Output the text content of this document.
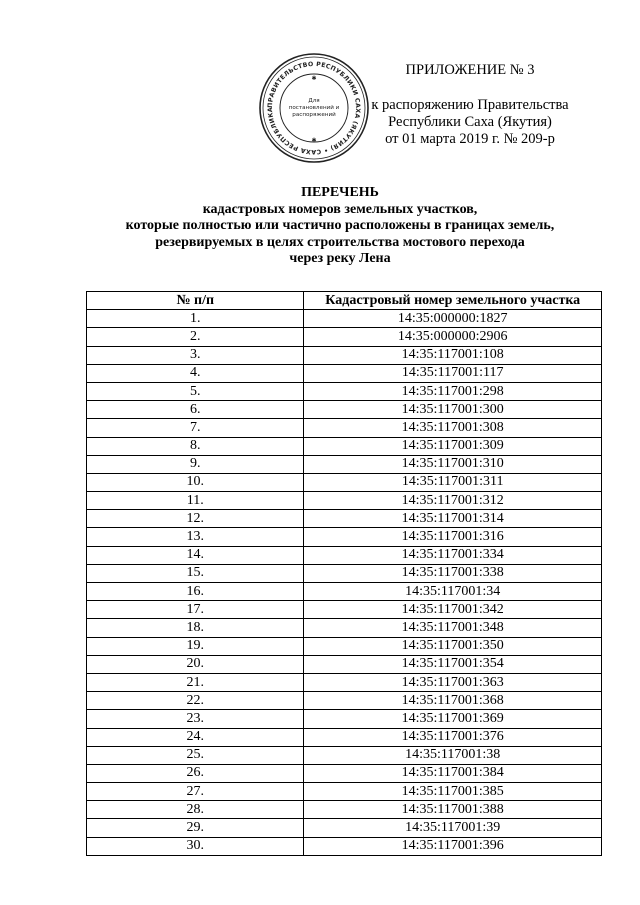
ПРАВИТЕЛЬСТВО РЕСПУБЛИКИ САХА (ЯКУТИЯ) • САХА РЕСПУБЛИКА
Для
постановлений и
распоряжений
✱
✱
ПРИЛОЖЕНИЕ № 3
к распоряжению Правительства
Республики Саха (Якутия)
от 01 марта 2019 г. № 209-р
ПЕРЕЧЕНЬ
кадастровых номеров земельных участков,
которые полностью или частично расположены в границах земель,
резервируемых в целях строительства мостового перехода
через реку Лена
№ п/п	Кадастровый номер земельного участка
1.	14:35:000000:1827
2.	14:35:000000:2906
3.	14:35:117001:108
4.	14:35:117001:117
5.	14:35:117001:298
6.	14:35:117001:300
7.	14:35:117001:308
8.	14:35:117001:309
9.	14:35:117001:310
10.	14:35:117001:311
11.	14:35:117001:312
12.	14:35:117001:314
13.	14:35:117001:316
14.	14:35:117001:334
15.	14:35:117001:338
16.	14:35:117001:34
17.	14:35:117001:342
18.	14:35:117001:348
19.	14:35:117001:350
20.	14:35:117001:354
21.	14:35:117001:363
22.	14:35:117001:368
23.	14:35:117001:369
24.	14:35:117001:376
25.	14:35:117001:38
26.	14:35:117001:384
27.	14:35:117001:385
28.	14:35:117001:388
29.	14:35:117001:39
30.	14:35:117001:396
